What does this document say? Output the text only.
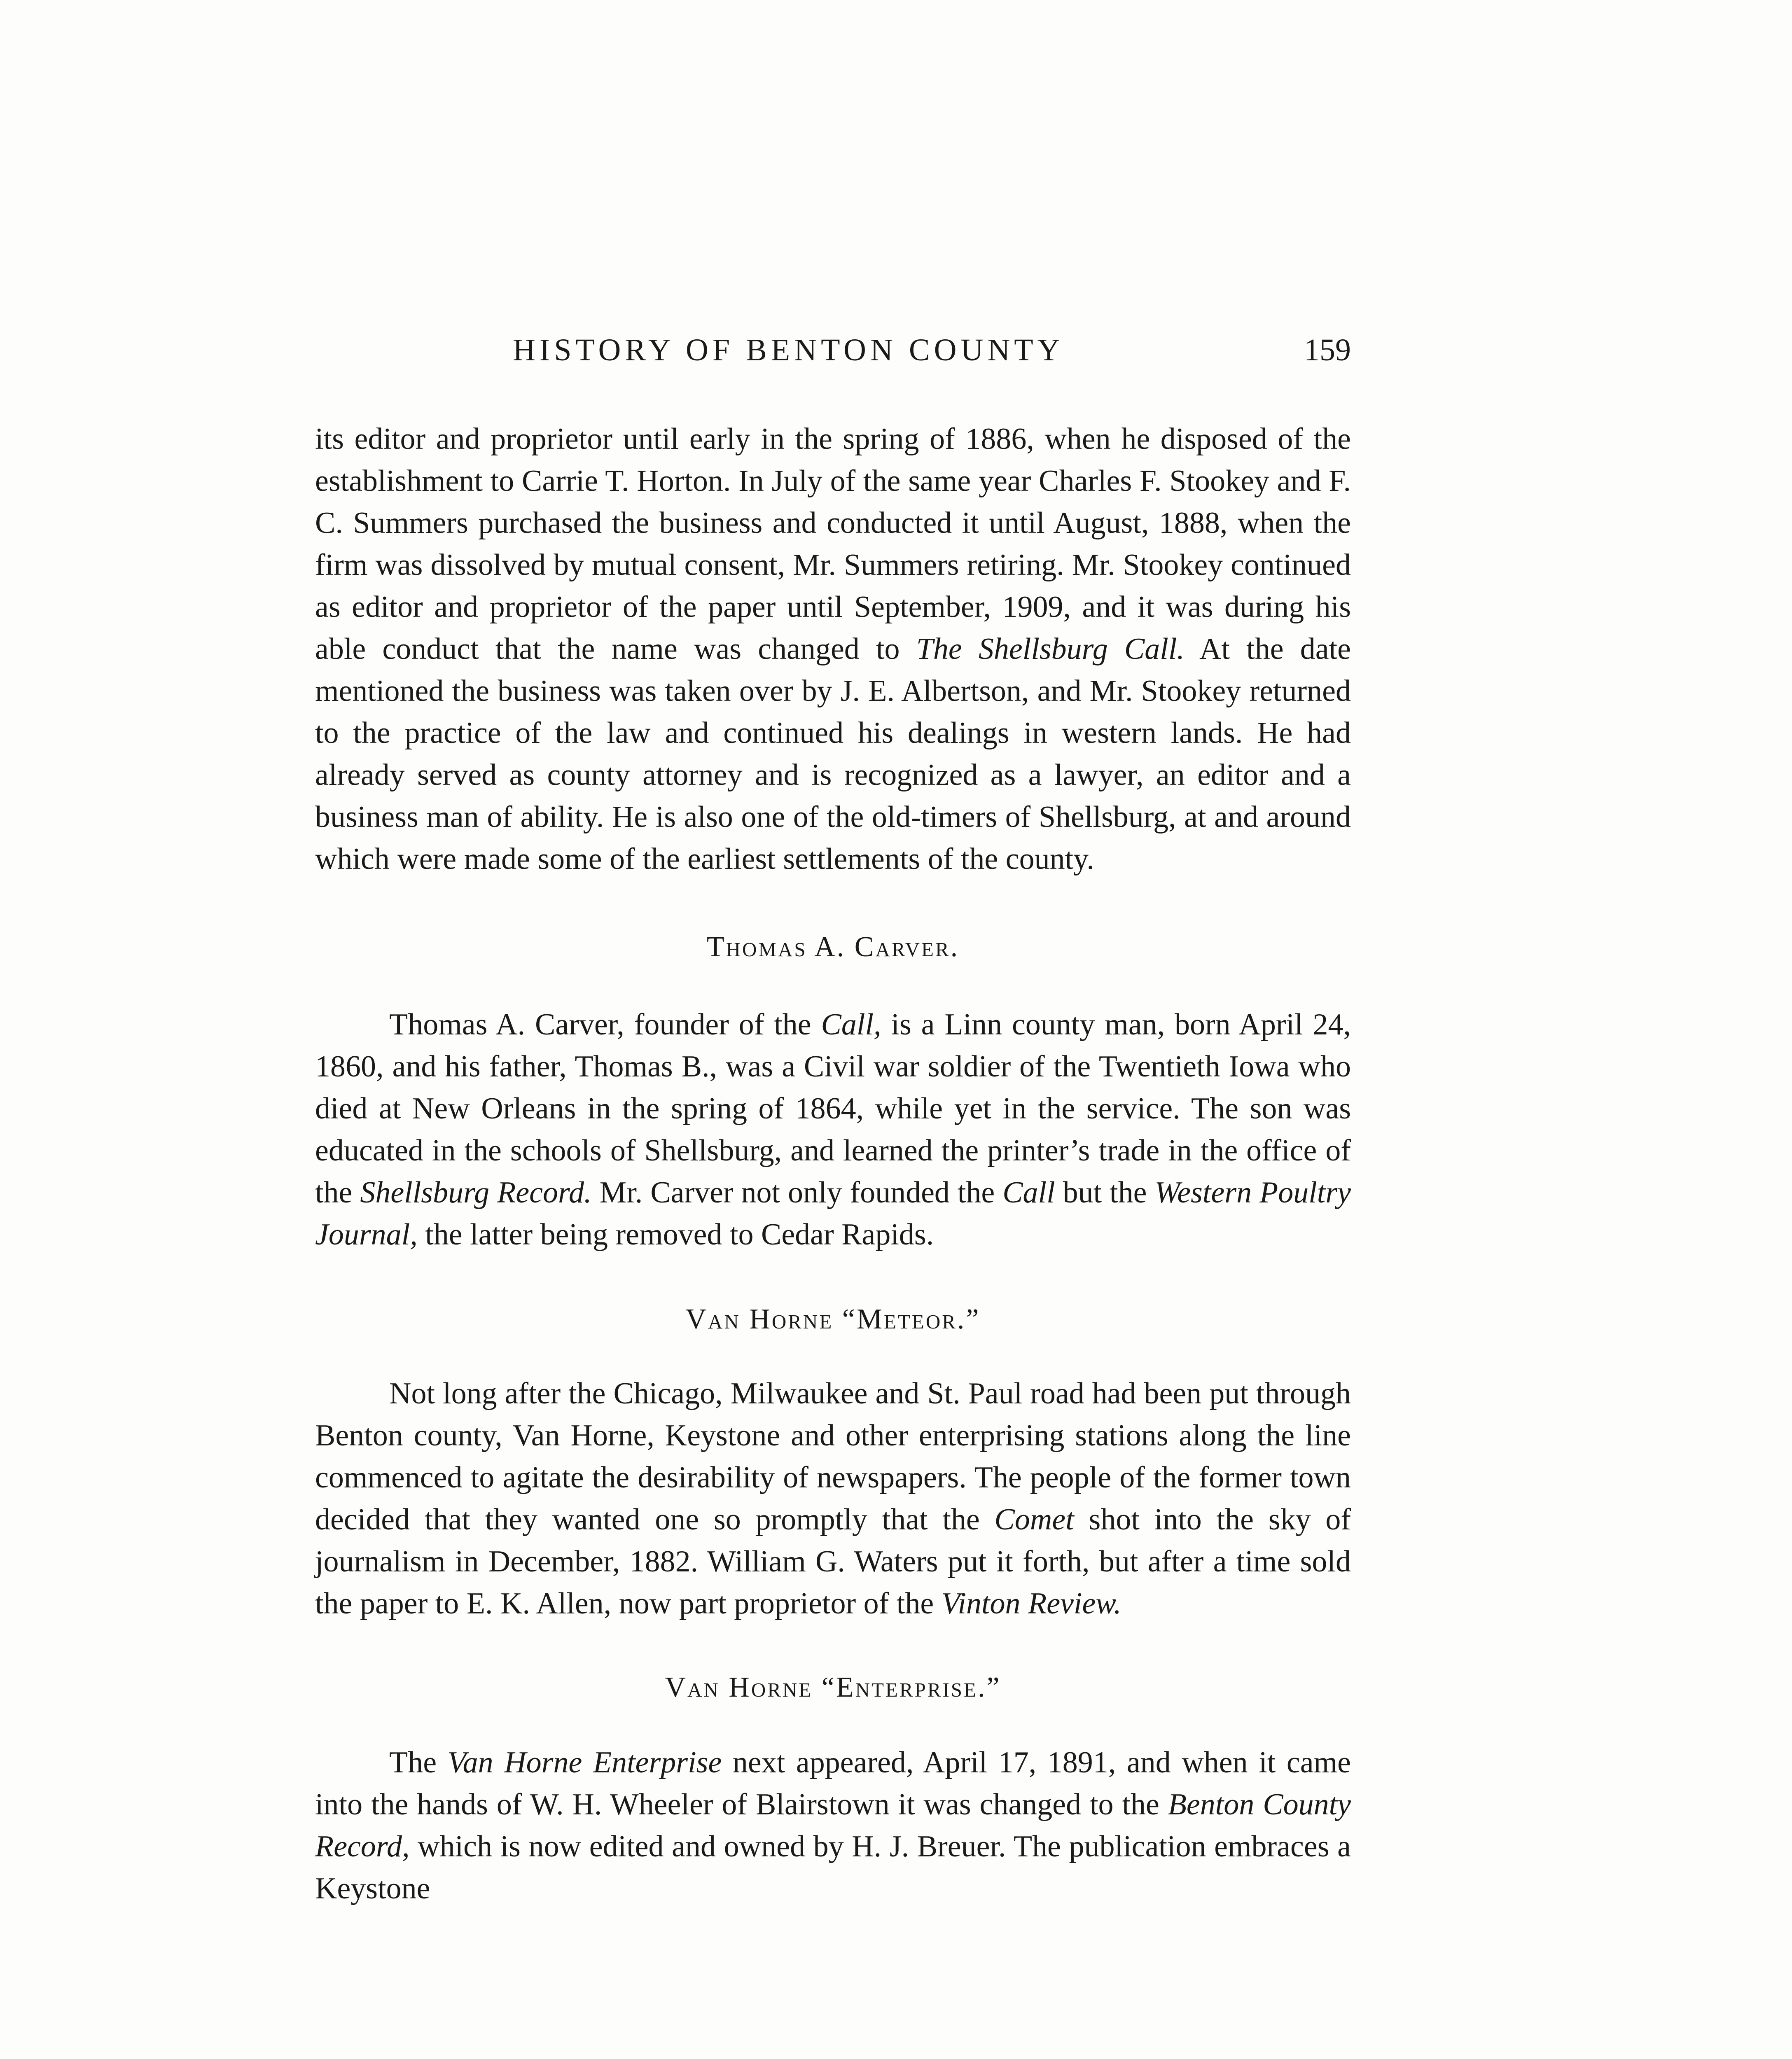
HISTORY OF BENTON COUNTY	159

its editor and proprietor until early in the spring of 1886, when he disposed of the establishment to Carrie T. Horton. In July of the same year Charles F. Stookey and F. C. Summers purchased the business and conducted it until August, 1888, when the firm was dissolved by mutual consent, Mr. Summers retiring. Mr. Stookey continued as editor and proprietor of the paper until September, 1909, and it was during his able conduct that the name was changed to The Shellsburg Call. At the date mentioned the business was taken over by J. E. Albertson, and Mr. Stookey returned to the practice of the law and continued his dealings in western lands. He had already served as county attorney and is recognized as a lawyer, an editor and a business man of ability. He is also one of the old-timers of Shellsburg, at and around which were made some of the earliest settlements of the county.

Thomas A. Carver.

Thomas A. Carver, founder of the Call, is a Linn county man, born April 24, 1860, and his father, Thomas B., was a Civil war soldier of the Twentieth Iowa who died at New Orleans in the spring of 1864, while yet in the service. The son was educated in the schools of Shellsburg, and learned the printer’s trade in the office of the Shellsburg Record. Mr. Carver not only founded the Call but the Western Poultry Journal, the latter being removed to Cedar Rapids.

Van Horne “Meteor.”

Not long after the Chicago, Milwaukee and St. Paul road had been put through Benton county, Van Horne, Keystone and other enterprising stations along the line commenced to agitate the desirability of newspapers. The people of the former town decided that they wanted one so promptly that the Comet shot into the sky of journalism in December, 1882. William G. Waters put it forth, but after a time sold the paper to E. K. Allen, now part proprietor of the Vinton Review.

Van Horne “Enterprise.”

The Van Horne Enterprise next appeared, April 17, 1891, and when it came into the hands of W. H. Wheeler of Blairstown it was changed to the Benton County Record, which is now edited and owned by H. J. Breuer. The publication embraces a Keystone
